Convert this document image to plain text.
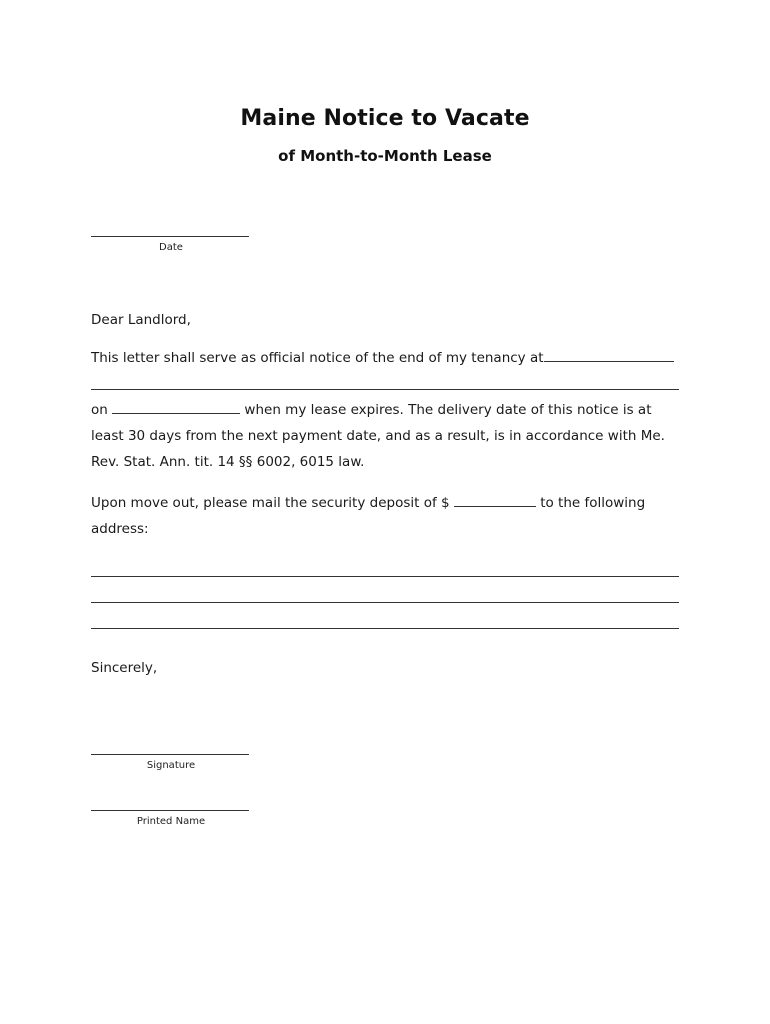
Maine Notice to Vacate
of Month-to-Month Lease
Date
Dear Landlord,

This letter shall serve as official notice of the end of my tenancy at

on	when my lease expires. The delivery date of this notice is at least 30 days from the next payment date, and as a result, is in accordance with Me. Rev. Stat. Ann. tit. 14 §§ 6002, 6015 law.

Upon move out, please mail the security deposit of $	to the following address:

Sincerely,
Signature
Printed Name
